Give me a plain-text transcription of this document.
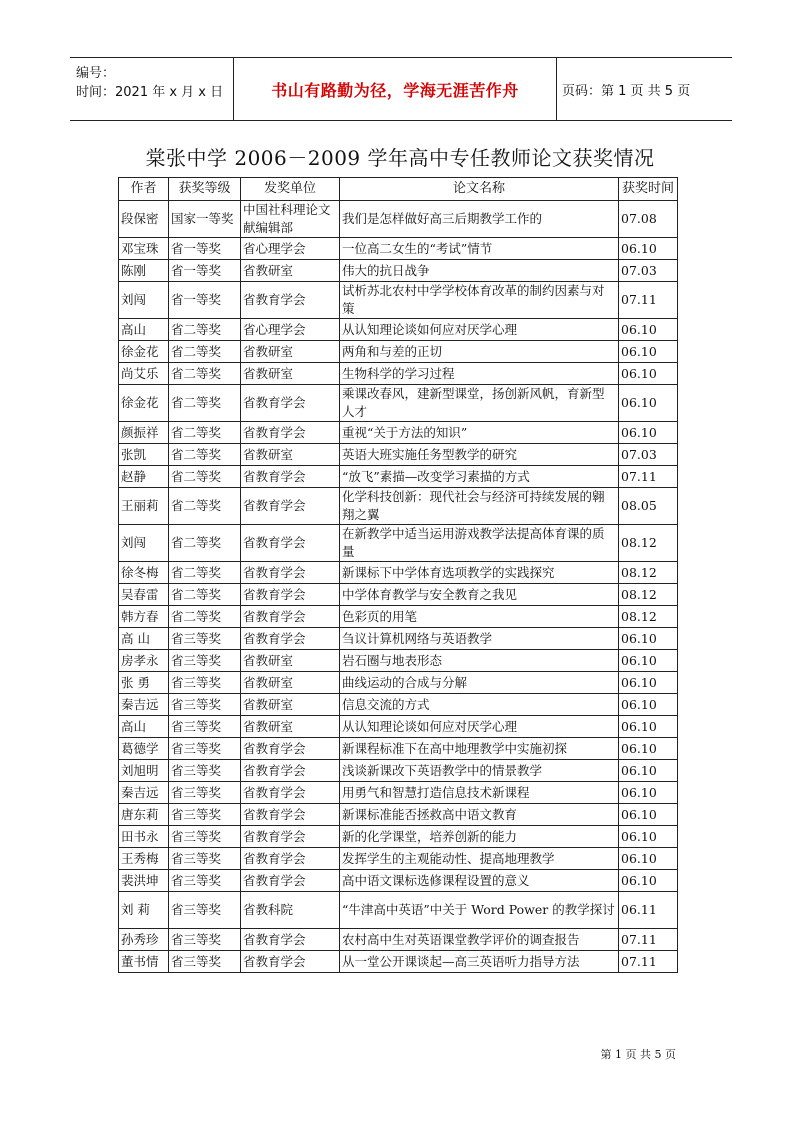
编号：
时间：2021 年 x 月 x 日	书山有路勤为径，学海无涯苦作舟	页码：第 1 页 共 5 页
棠张中学 2006－2009 学年高中专任教师论文获奖情况
作者	获奖等级	发奖单位	论文名称	获奖时间
段保密	国家一等奖	中国社科理论文献编辑部	我们是怎样做好高三后期教学工作的	07.08
邓宝珠	省一等奖	省心理学会	一位高二女生的“考试”情节	06.10
陈刚	省一等奖	省教研室	伟大的抗日战争	07.03
刘闯	省一等奖	省教育学会	试析苏北农村中学学校体育改革的制约因素与对策	07.11
高山	省二等奖	省心理学会	从认知理论谈如何应对厌学心理	06.10
徐金花	省二等奖	省教研室	两角和与差的正切	06.10
尚艾乐	省二等奖	省教研室	生物科学的学习过程	06.10
徐金花	省二等奖	省教育学会	乘课改春风，建新型课堂，扬创新风帆，育新型人才	06.10
颜振祥	省二等奖	省教育学会	重视“关于方法的知识”	06.10
张凯	省二等奖	省教研室	英语大班实施任务型教学的研究	07.03
赵静	省二等奖	省教育学会	“放飞”素描—改变学习素描的方式	07.11
王丽莉	省二等奖	省教育学会	化学科技创新：现代社会与经济可持续发展的翱翔之翼	08.05
刘闯	省二等奖	省教育学会	在新教学中适当运用游戏教学法提高体育课的质量	08.12
徐冬梅	省二等奖	省教育学会	新课标下中学体育选项教学的实践探究	08.12
吴春雷	省二等奖	省教育学会	中学体育教学与安全教育之我见	08.12
韩方春	省二等奖	省教育学会	色彩页的用笔	08.12
高 山	省三等奖	省教育学会	刍议计算机网络与英语教学	06.10
房孝永	省三等奖	省教研室	岩石圈与地表形态	06.10
张 勇	省三等奖	省教研室	曲线运动的合成与分解	06.10
秦吉远	省三等奖	省教研室	信息交流的方式	06.10
高山	省三等奖	省教研室	从认知理论谈如何应对厌学心理	06.10
葛德学	省三等奖	省教育学会	新课程标准下在高中地理教学中实施初探	06.10
刘旭明	省三等奖	省教育学会	浅谈新课改下英语教学中的情景教学	06.10
秦吉远	省三等奖	省教育学会	用勇气和智慧打造信息技术新课程	06.10
唐东莉	省三等奖	省教育学会	新课标准能否拯救高中语文教育	06.10
田书永	省三等奖	省教育学会	新的化学课堂，培养创新的能力	06.10
王秀梅	省三等奖	省教育学会	发挥学生的主观能动性、提高地理教学	06.10
裴洪坤	省三等奖	省教育学会	高中语文课标选修课程设置的意义	06.10
刘 莉	省三等奖	省教科院	“牛津高中英语”中关于 Word Power 的教学探讨	06.11
孙秀珍	省三等奖	省教育学会	农村高中生对英语课堂教学评价的调查报告	07.11
董书情	省三等奖	省教育学会	从一堂公开课谈起—高三英语听力指导方法	07.11
第 1 页 共 5 页
